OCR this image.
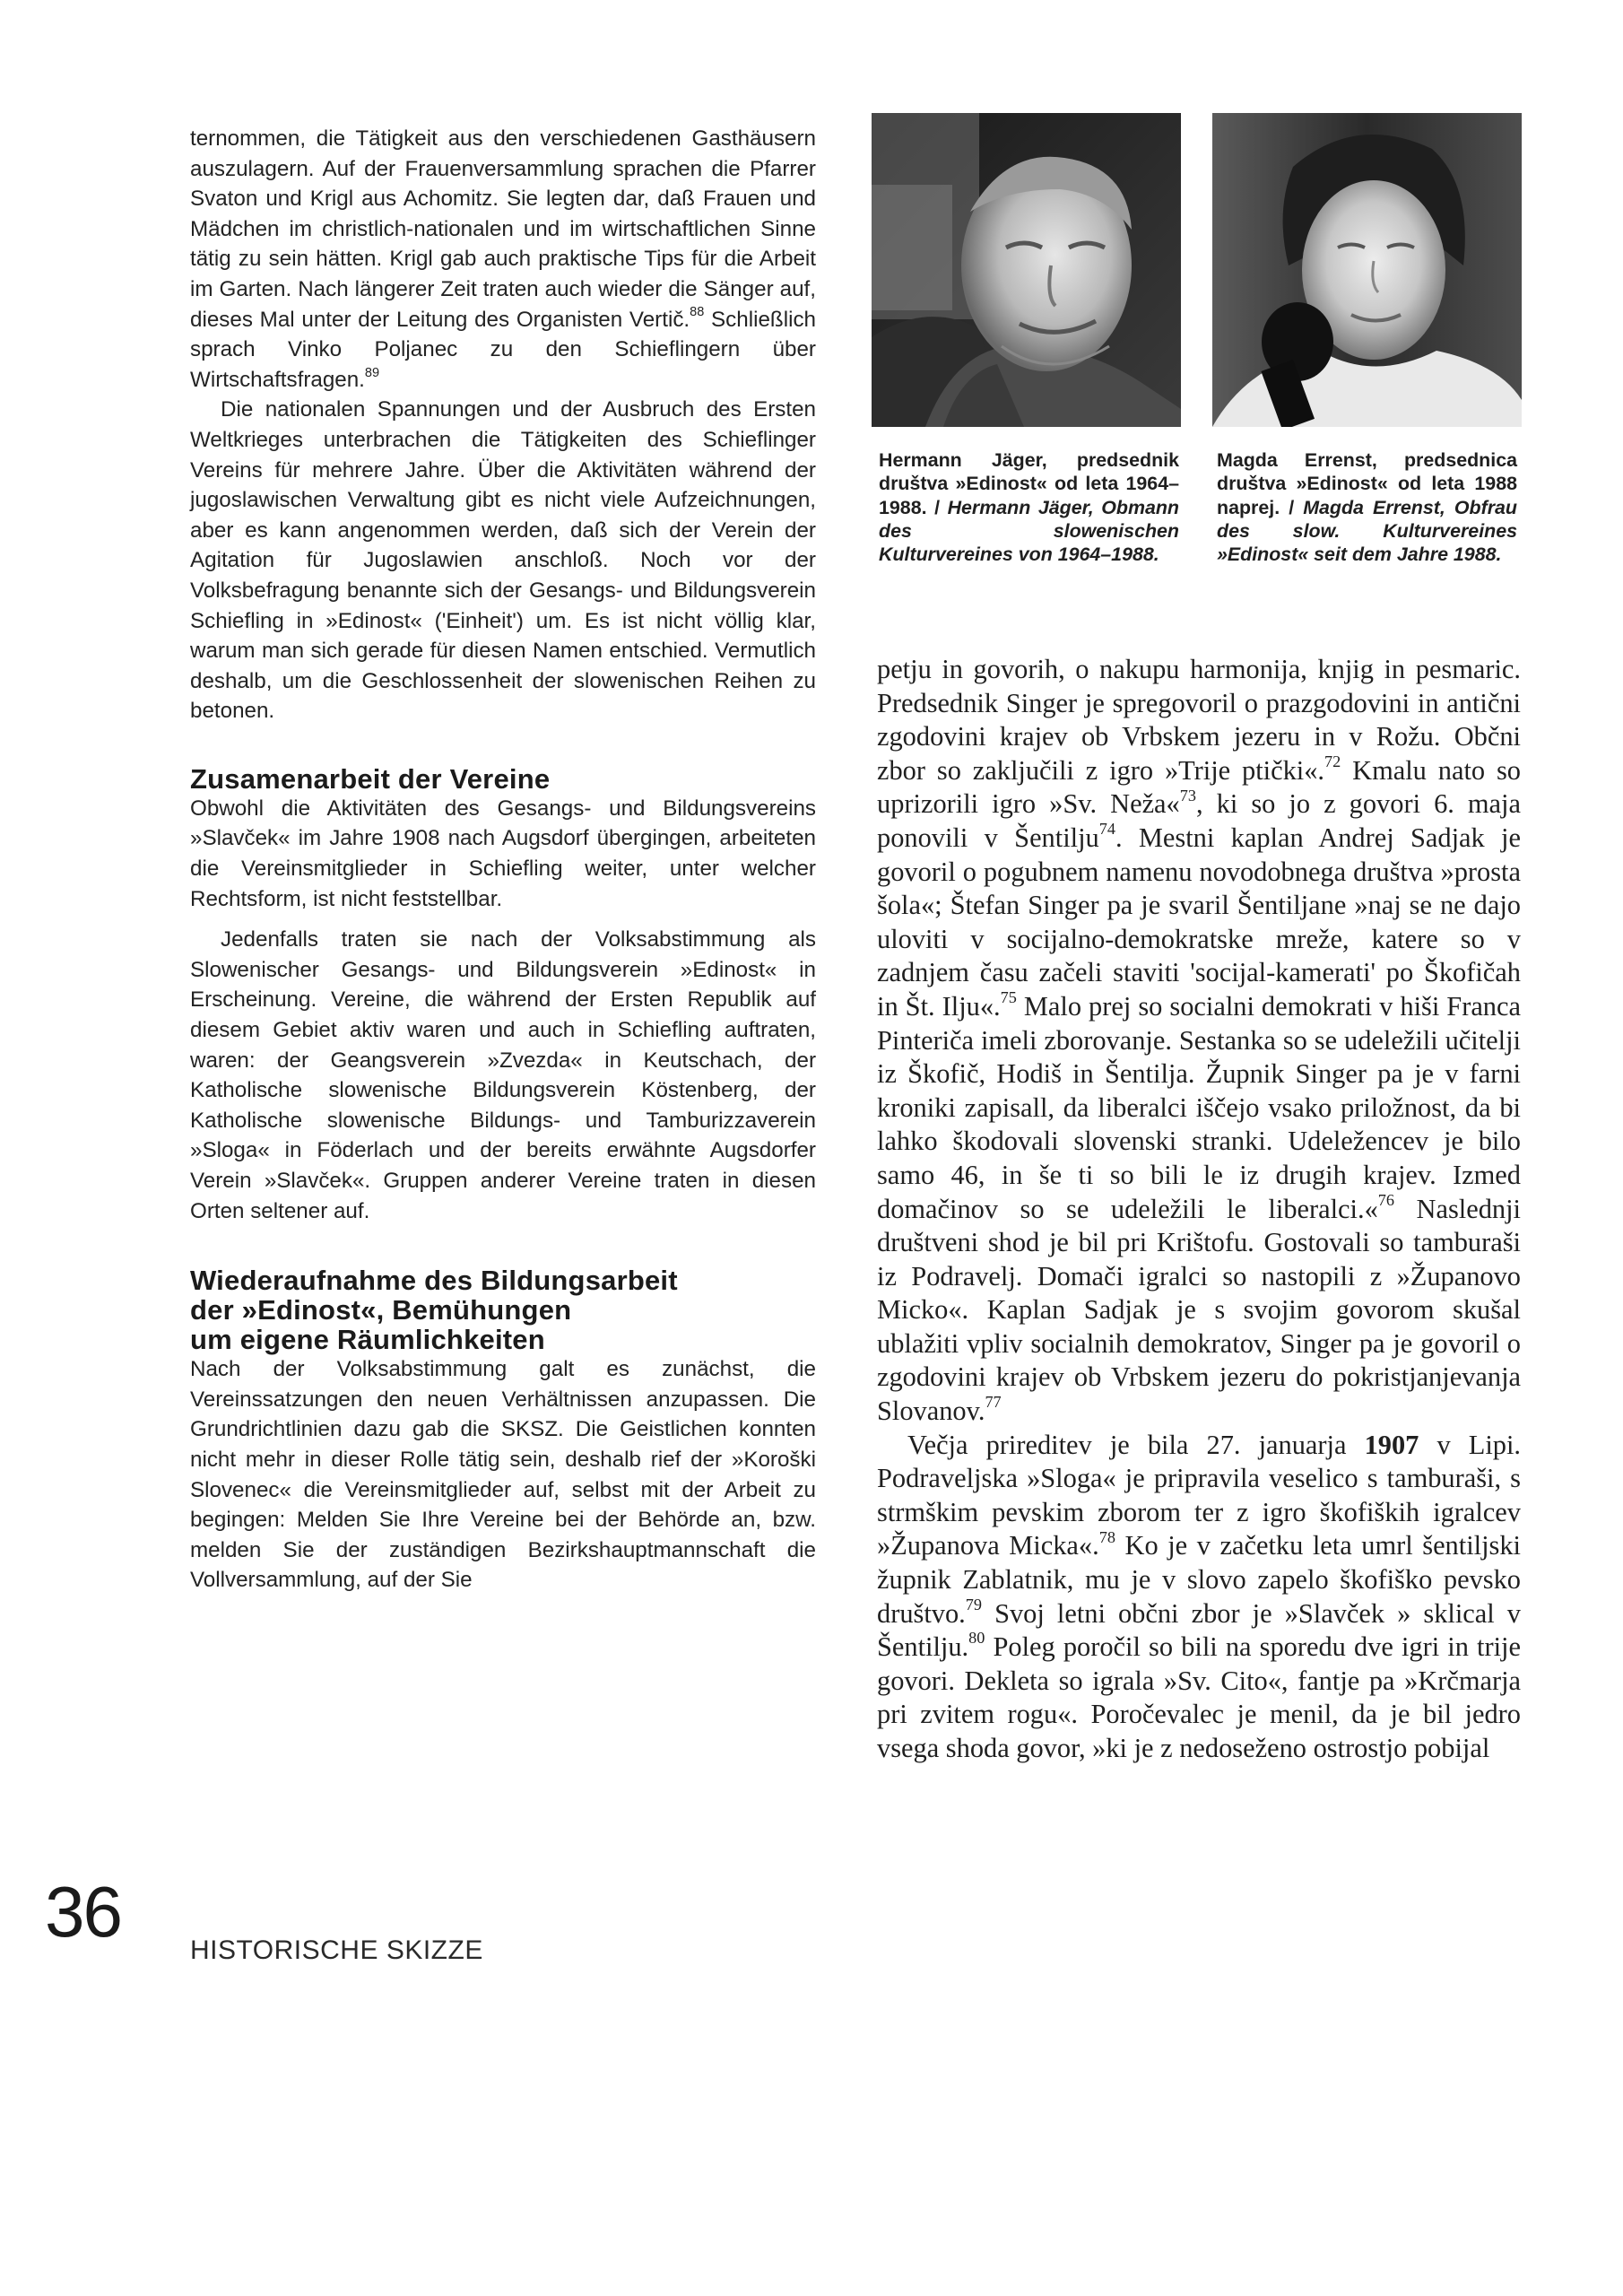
ternommen, die Tätigkeit aus den verschiedenen Gasthäusern auszulagern. Auf der Frauenversammlung sprachen die Pfarrer Svaton und Krigl aus Achomitz. Sie legten dar, daß Frauen und Mädchen im christlich-nationalen und im wirtschaftlichen Sinne tätig zu sein hätten. Krigl gab auch praktische Tips für die Arbeit im Garten. Nach längerer Zeit traten auch wieder die Sänger auf, dieses Mal unter der Leitung des Organisten Vertič.$^{88}$ Schließlich sprach Vinko Poljanec zu den Schieflingern über Wirtschaftsfragen.$^{89}$

Die nationalen Spannungen und der Ausbruch des Ersten Weltkrieges unterbrachen die Tätigkeiten des Schieflinger Vereins für mehrere Jahre. Über die Aktivitäten während der jugoslawischen Verwaltung gibt es nicht viele Aufzeichnungen, aber es kann angenommen werden, daß sich der Verein der Agitation für Jugoslawien anschloß. Noch vor der Volksbefragung benannte sich der Gesangs- und Bildungsverein Schiefling in »Edinost« ('Einheit') um. Es ist nicht völlig klar, warum man sich gerade für diesen Namen entschied. Vermutlich deshalb, um die Geschlossenheit der slowenischen Reihen zu betonen.

Zusamenarbeit der Vereine

Obwohl die Aktivitäten des Gesangs- und Bildungsvereins »Slavček« im Jahre 1908 nach Augsdorf übergingen, arbeiteten die Vereinsmitglieder in Schiefling weiter, unter welcher Rechtsform, ist nicht feststellbar.

Jedenfalls traten sie nach der Volksabstimmung als Slowenischer Gesangs- und Bildungsverein »Edinost« in Erscheinung. Vereine, die während der Ersten Republik auf diesem Gebiet aktiv waren und auch in Schiefling auftraten, waren: der Geangsverein »Zvezda« in Keutschach, der Katholische slowenische Bildungsverein Köstenberg, der Katholische slowenische Bildungs- und Tamburizzaverein »Sloga« in Föderlach und der bereits erwähnte Augsdorfer Verein »Slavček«. Gruppen anderer Vereine traten in diesen Orten seltener auf.

Wiederaufnahme des Bildungsarbeit
der »Edinost«, Bemühungen
um eigene Räumlichkeiten

Nach der Volksabstimmung galt es zunächst, die Vereinssatzungen den neuen Verhältnissen anzupassen. Die Grundrichtlinien dazu gab die SKSZ. Die Geistlichen konnten nicht mehr in dieser Rolle tätig sein, deshalb rief der »Koroški Slovenec« die Vereinsmitglieder auf, selbst mit der Arbeit zu begingen: Melden Sie Ihre Vereine bei der Behörde an, bzw. melden Sie der zuständigen Bezirkshauptmannschaft die Vollversammlung, auf der Sie

Hermann Jäger, predsednik društva »Edinost« od leta 1964–1988. / Hermann Jäger, Obmann des slowenischen Kulturvereines von 1964–1988.
Magda Errenst, predsednica društva »Edinost« od leta 1988 naprej. / Magda Errenst, Obfrau des slow. Kulturvereines »Edinost« seit dem Jahre 1988.

petju in govorih, o nakupu harmonija, knjig in pesmaric. Predsednik Singer je spregovoril o prazgodovini in antični zgodovini krajev ob Vrbskem jezeru in v Rožu. Občni zbor so zaključili z igro »Trije ptički«.$^{72}$ Kmalu nato so uprizorili igro »Sv. Neža«$^{73}$, ki so jo z govori 6. maja ponovili v Šentilju$^{74}$. Mestni kaplan Andrej Sadjak je govoril o pogubnem namenu novodobnega društva »prosta šola«; Štefan Singer pa je svaril Šentiljane »naj se ne dajo uloviti v socijalno-demokratske mreže, katere so v zadnjem času začeli staviti 'socijal-kamerati' po Škofičah in Št. Ilju«.$^{75}$ Malo prej so socialni demokrati v hiši Franca Pinteriča imeli zborovanje. Sestanka so se udeležili učitelji iz Škofič, Hodiš in Šentilja. Župnik Singer pa je v farni kroniki zapisall, da liberalci iščejo vsako priložnost, da bi lahko škodovali slovenski stranki. Udeležencev je bilo samo 46, in še ti so bili le iz drugih krajev. Izmed domačinov so se udeležili le liberalci.«$^{76}$ Naslednji društveni shod je bil pri Krištofu. Gostovali so tamburaši iz Podravelj. Domači igralci so nastopili z »Županovo Micko«. Kaplan Sadjak je s svojim govorom skušal ublažiti vpliv socialnih demokratov, Singer pa je govoril o zgodovini krajev ob Vrbskem jezeru do pokristjanjevanja Slovanov.$^{77}$

Večja prireditev je bila 27. januarja 1907 v Lipi. Podraveljska »Sloga« je pripravila veselico s tamburaši, s strmškim pevskim zborom ter z igro škofiških igralcev »Županova Micka«.$^{78}$ Ko je v začetku leta umrl šentiljski župnik Zablatnik, mu je v slovo zapelo škofiško pevsko društvo.$^{79}$ Svoj letni občni zbor je »Slavček » sklical v Šentilju.$^{80}$ Poleg poročil so bili na sporedu dve igri in trije govori. Dekleta so igrala »Sv. Cito«, fantje pa »Krčmarja pri zvitem rogu«. Poročevalec je menil, da je bil jedro vsega shoda govor, »ki je z nedoseženo ostrostjo pobijal

36	HISTORISCHE SKIZZE
